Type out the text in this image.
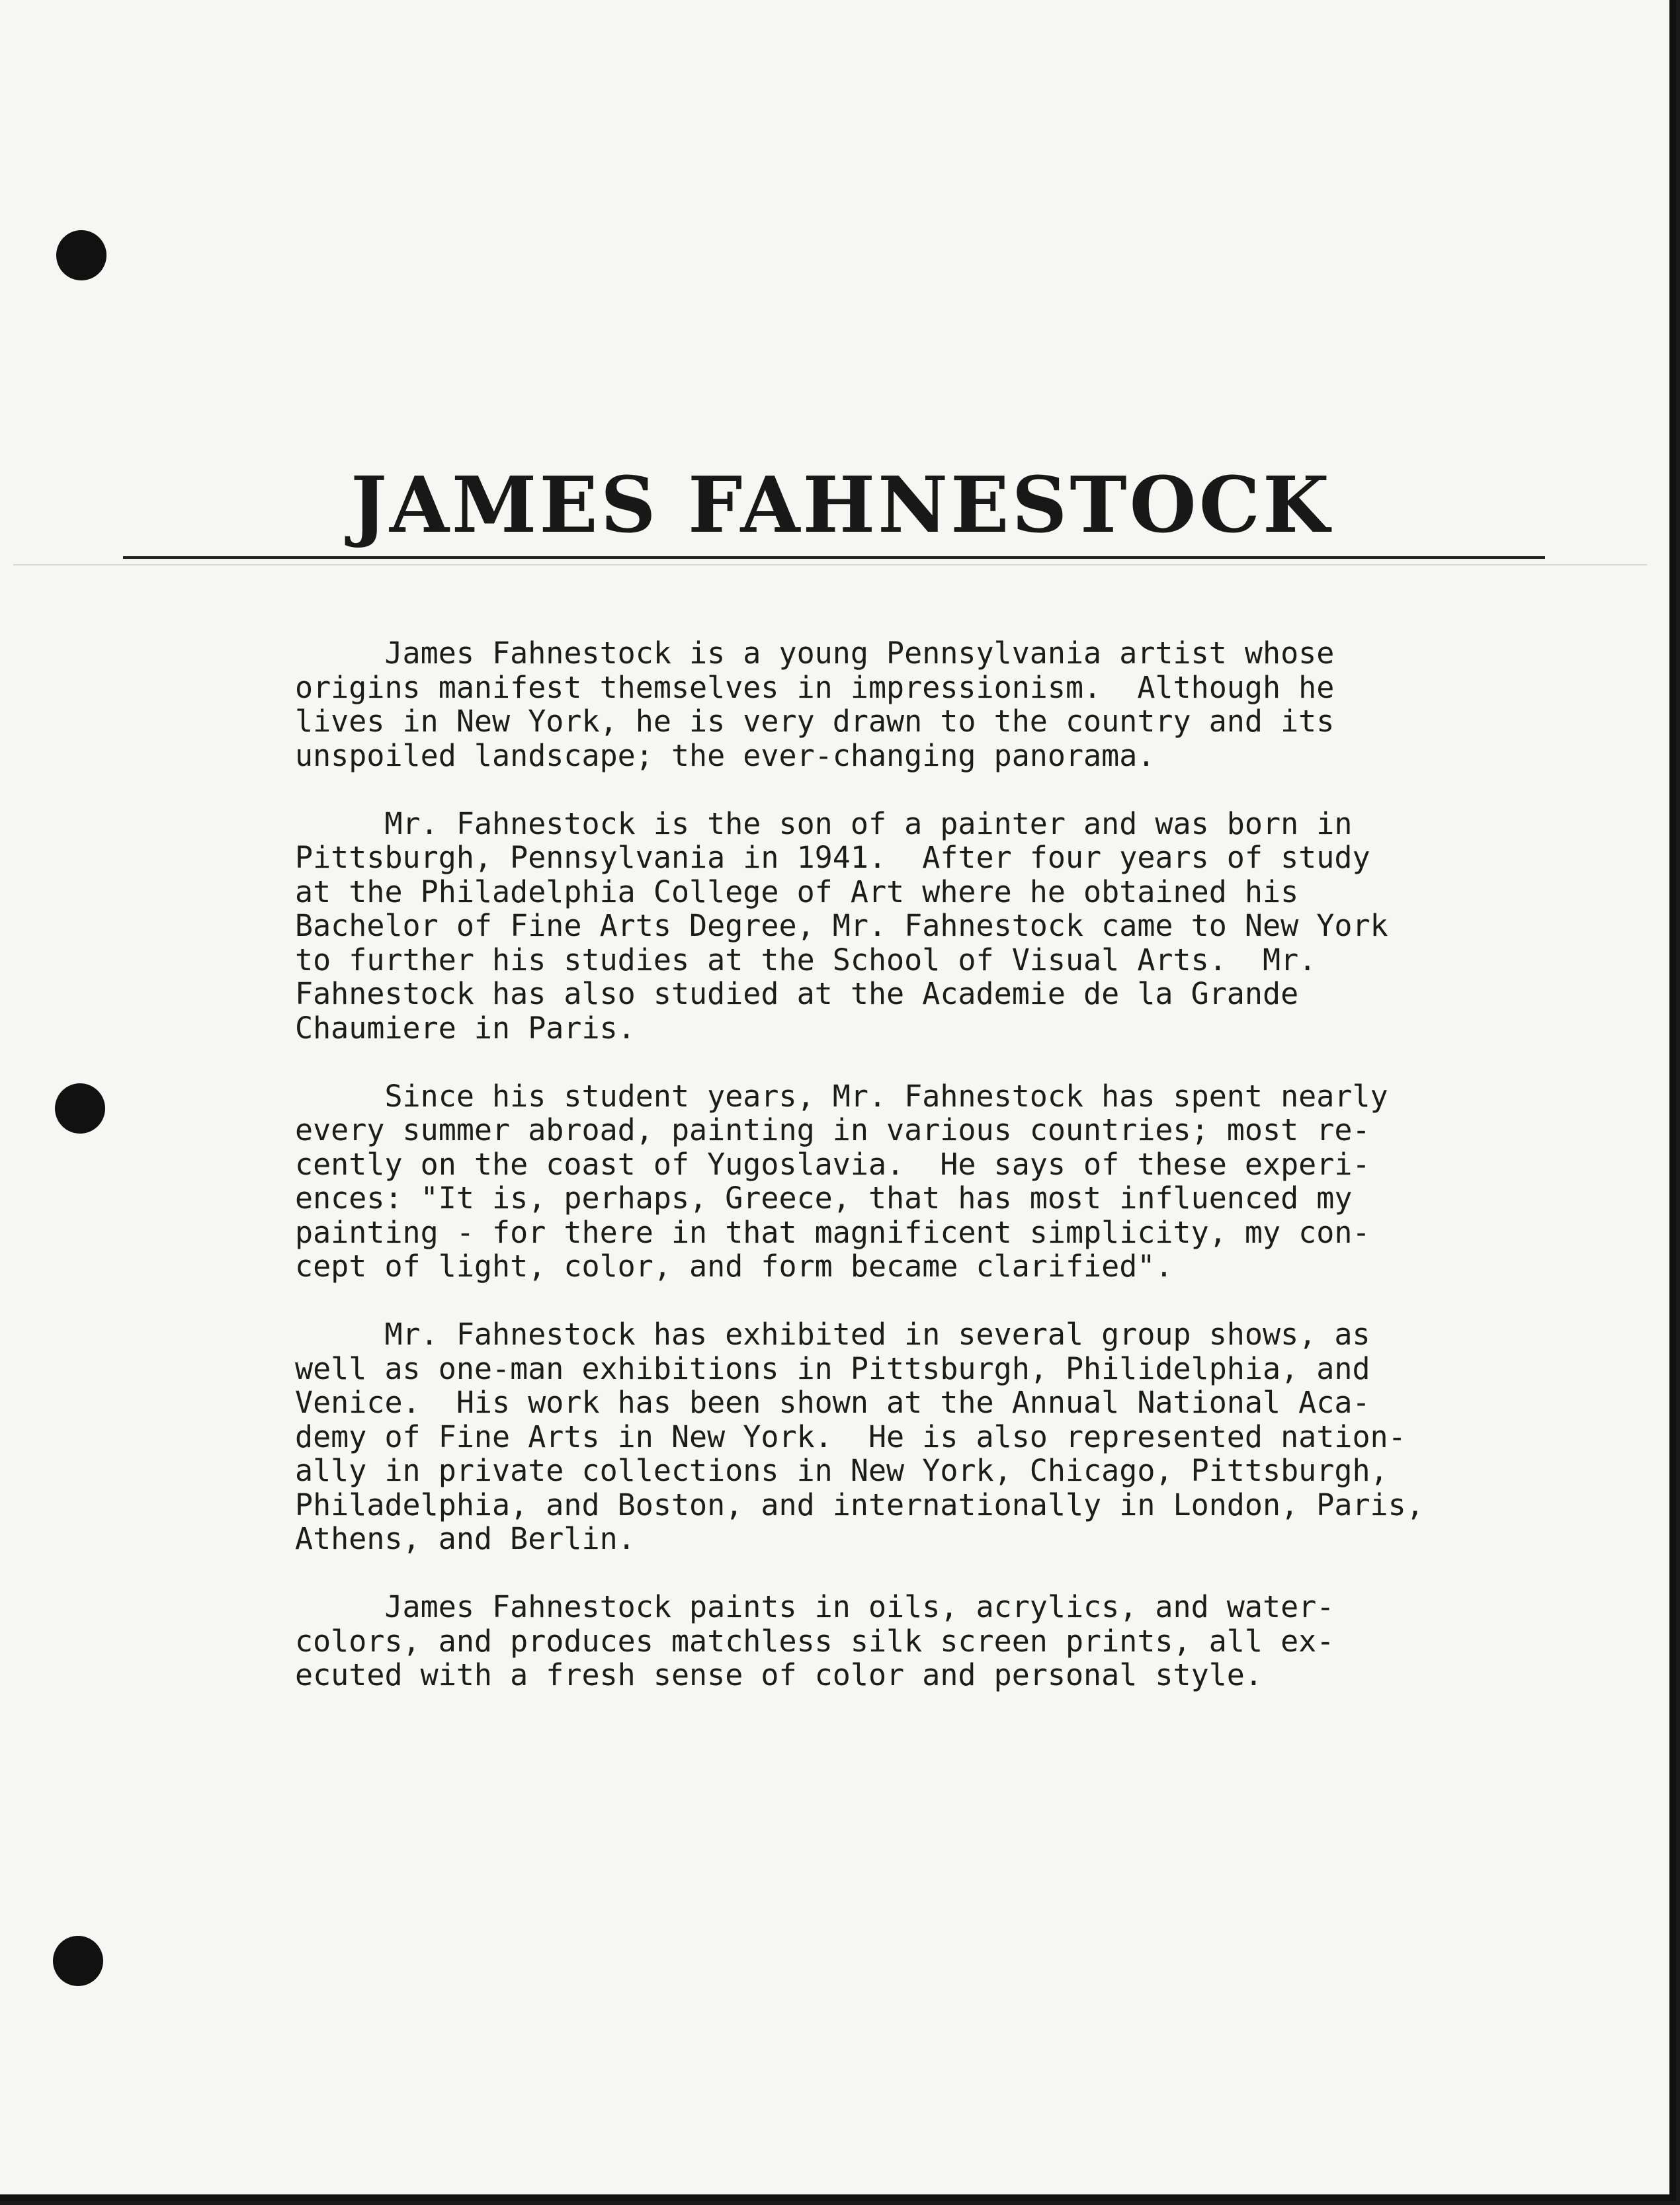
JAMES FAHNESTOCK

James Fahnestock is a young Pennsylvania artist whose
origins manifest themselves in impressionism.  Although he
lives in New York, he is very drawn to the country and its
unspoiled landscape; the ever-changing panorama.

Mr. Fahnestock is the son of a painter and was born in
Pittsburgh, Pennsylvania in 1941.  After four years of study
at the Philadelphia College of Art where he obtained his
Bachelor of Fine Arts Degree, Mr. Fahnestock came to New York
to further his studies at the School of Visual Arts.  Mr.
Fahnestock has also studied at the Academie de la Grande
Chaumiere in Paris.

Since his student years, Mr. Fahnestock has spent nearly
every summer abroad, painting in various countries; most re-
cently on the coast of Yugoslavia.  He says of these experi-
ences: "It is, perhaps, Greece, that has most influenced my
painting - for there in that magnificent simplicity, my con-
cept of light, color, and form became clarified".

Mr. Fahnestock has exhibited in several group shows, as
well as one-man exhibitions in Pittsburgh, Philidelphia, and
Venice.  His work has been shown at the Annual National Aca-
demy of Fine Arts in New York.  He is also represented nation-
ally in private collections in New York, Chicago, Pittsburgh,
Philadelphia, and Boston, and internationally in London, Paris,
Athens, and Berlin.

James Fahnestock paints in oils, acrylics, and water-
colors, and produces matchless silk screen prints, all ex-
ecuted with a fresh sense of color and personal style.
